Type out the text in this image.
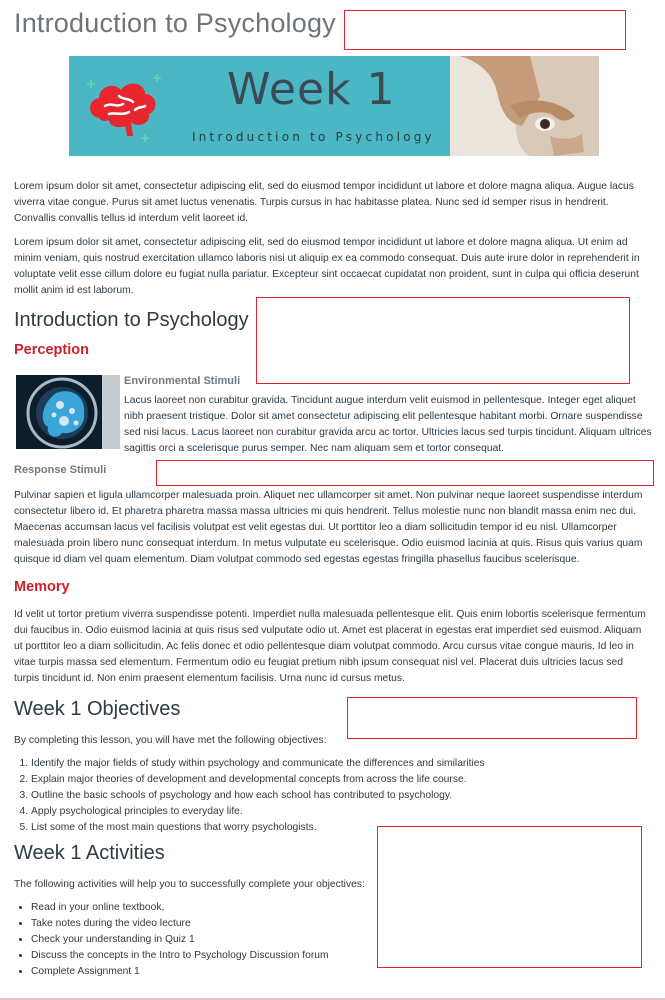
Introduction to Psychology
Week 1
Introduction to Psychology

Lorem ipsum dolor sit amet, consectetur adipiscing elit, sed do eiusmod tempor incididunt ut labore et dolore magna aliqua. Augue lacus viverra vitae congue. Purus sit amet luctus venenatis. Turpis cursus in hac habitasse platea. Nunc sed id semper risus in hendrerit. Convallis convallis tellus id interdum velit laoreet id.

Lorem ipsum dolor sit amet, consectetur adipiscing elit, sed do eiusmod tempor incididunt ut labore et dolore magna aliqua. Ut enim ad minim veniam, quis nostrud exercitation ullamco laboris nisi ut aliquip ex ea commodo consequat. Duis aute irure dolor in reprehenderit in voluptate velit esse cillum dolore eu fugiat nulla pariatur. Excepteur sint occaecat cupidatat non proident, sunt in culpa qui officia deserunt mollit anim id est laborum.

Introduction to Psychology
Perception
Environmental Stimuli

Lacus laoreet non curabitur gravida. Tincidunt augue interdum velit euismod in pellentesque. Integer eget aliquet nibh praesent tristique. Dolor sit amet consectetur adipiscing elit pellentesque habitant morbi. Ornare suspendisse sed nisi lacus. Lacus laoreet non curabitur gravida arcu ac tortor. Ultricies lacus sed turpis tincidunt. Aliquam ultrices sagittis orci a scelerisque purus semper. Nec nam aliquam sem et tortor consequat.

Response Stimuli

Pulvinar sapien et ligula ullamcorper malesuada proin. Aliquet nec ullamcorper sit amet. Non pulvinar neque laoreet suspendisse interdum consectetur libero id. Et pharetra pharetra massa massa ultricies mi quis hendrerit. Tellus molestie nunc non blandit massa enim nec dui. Maecenas accumsan lacus vel facilisis volutpat est velit egestas dui. Ut porttitor leo a diam sollicitudin tempor id eu nisl. Ullamcorper malesuada proin libero nunc consequat interdum. In metus vulputate eu scelerisque. Odio euismod lacinia at quis. Risus quis varius quam quisque id diam vel quam elementum. Diam volutpat commodo sed egestas egestas fringilla phasellus faucibus scelerisque.

Memory

Id velit ut tortor pretium viverra suspendisse potenti. Imperdiet nulla malesuada pellentesque elit. Quis enim lobortis scelerisque fermentum dui faucibus in. Odio euismod lacinia at quis risus sed vulputate odio ut. Amet est placerat in egestas erat imperdiet sed euismod. Aliquam ut porttitor leo a diam sollicitudin. Ac felis donec et odio pellentesque diam volutpat commodo. Arcu cursus vitae congue mauris. Id leo in vitae turpis massa sed elementum. Fermentum odio eu feugiat pretium nibh ipsum consequat nisl vel. Placerat duis ultricies lacus sed turpis tincidunt id. Non enim praesent elementum facilisis. Urna nunc id cursus metus.

Week 1 Objectives

By completing this lesson, you will have met the following objectives:

1. Identify the major fields of study within psychology and communicate the differences and similarities
2. Explain major theories of development and developmental concepts from across the life course.
3. Outline the basic schools of psychology and how each school has contributed to psychology.
4. Apply psychological principles to everyday life.
5. List some of the most main questions that worry psychologists.
Week 1 Activities

The following activities will help you to successfully complete your objectives:

• Read in your online textbook,
• Take notes during the video lecture
• Check your understanding in Quiz 1
• Discuss the concepts in the Intro to Psychology Discussion forum
• Complete Assignment 1
